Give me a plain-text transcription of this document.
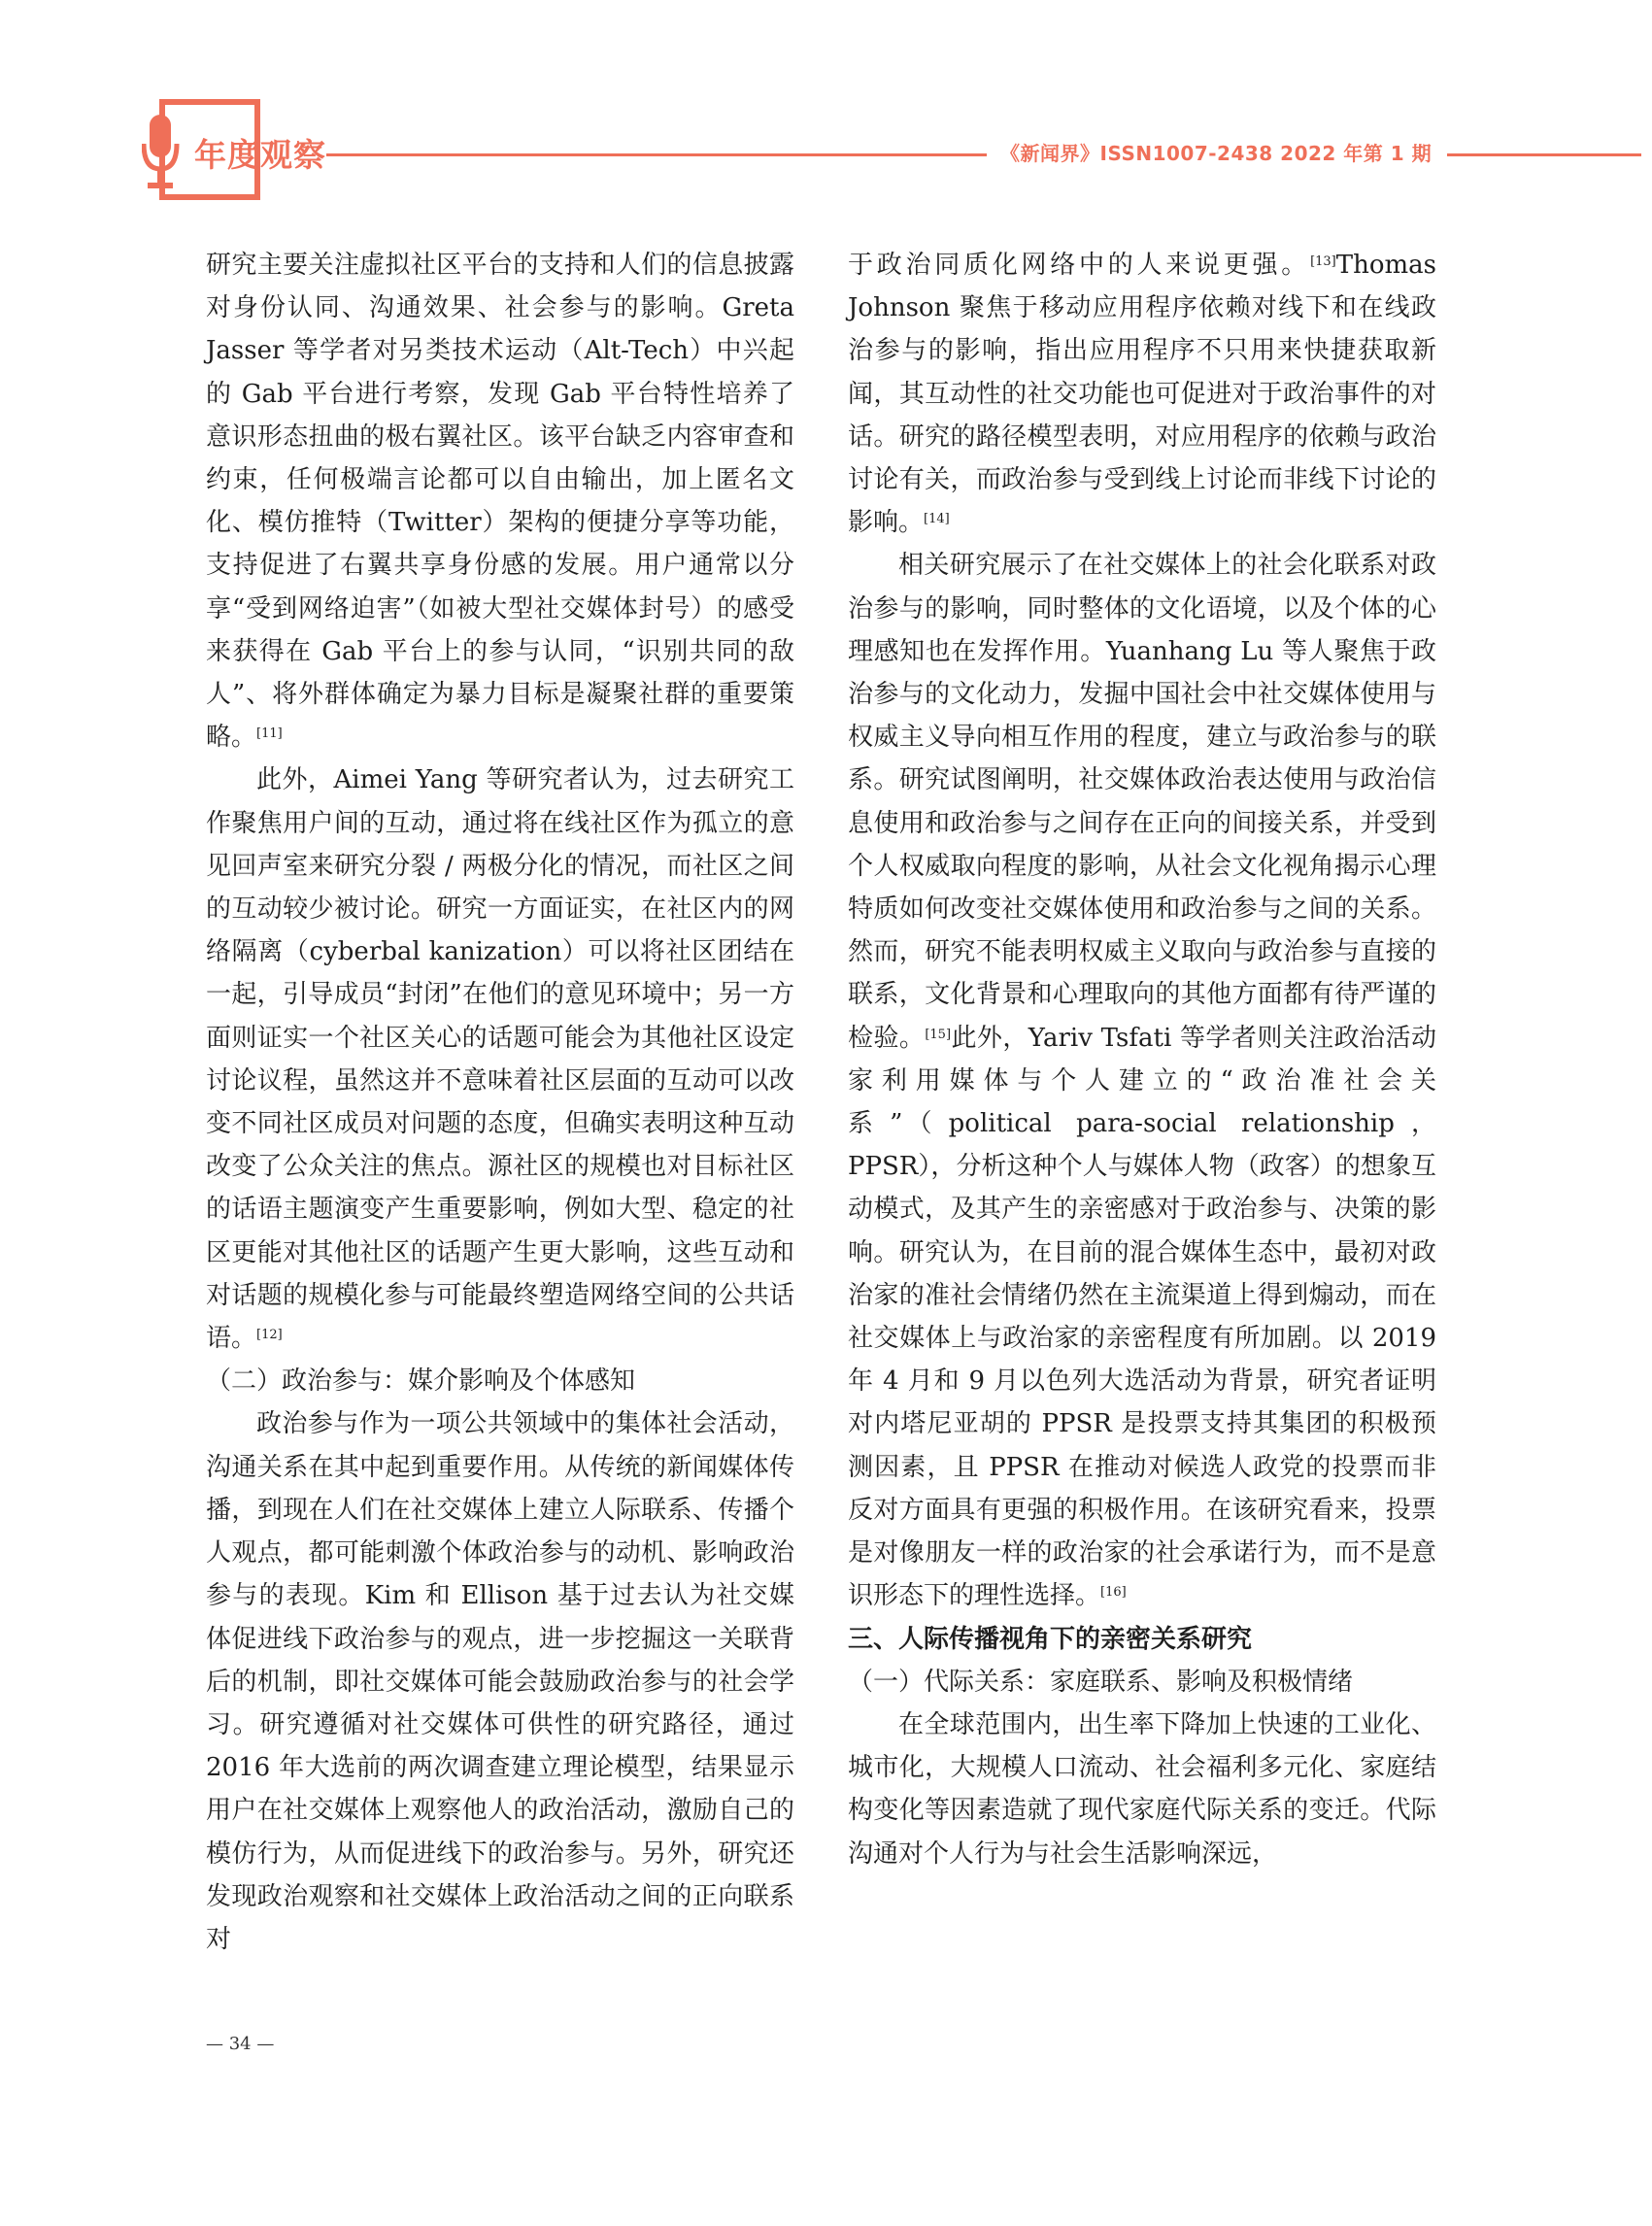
年度观察	《新闻界》ISSN1007-2438 2022 年第 1 期

研究主要关注虚拟社区平台的支持和人们的信息披露对身份认同、沟通效果、社会参与的影响。Greta Jasser 等学者对另类技术运动（Alt-Tech）中兴起的 Gab 平台进行考察，发现 Gab 平台特性培养了意识形态扭曲的极右翼社区。该平台缺乏内容审查和约束，任何极端言论都可以自由输出，加上匿名文化、模仿推特（Twitter）架构的便捷分享等功能，支持促进了右翼共享身份感的发展。用户通常以分享“受到网络迫害”（如被大型社交媒体封号）的感受来获得在 Gab 平台上的参与认同，“识别共同的敌人”、将外群体确定为暴力目标是凝聚社群的重要策略。[11]

此外，Aimei Yang 等研究者认为，过去研究工作聚焦用户间的互动，通过将在线社区作为孤立的意见回声室来研究分裂 / 两极分化的情况，而社区之间的互动较少被讨论。研究一方面证实，在社区内的网络隔离（cyberbal kanization）可以将社区团结在一起，引导成员“封闭”在他们的意见环境中；另一方面则证实一个社区关心的话题可能会为其他社区设定讨论议程，虽然这并不意味着社区层面的互动可以改变不同社区成员对问题的态度，但确实表明这种互动改变了公众关注的焦点。源社区的规模也对目标社区的话语主题演变产生重要影响，例如大型、稳定的社区更能对其他社区的话题产生更大影响，这些互动和对话题的规模化参与可能最终塑造网络空间的公共话语。[12]

（二）政治参与：媒介影响及个体感知

政治参与作为一项公共领域中的集体社会活动，沟通关系在其中起到重要作用。从传统的新闻媒体传播，到现在人们在社交媒体上建立人际联系、传播个人观点，都可能刺激个体政治参与的动机、影响政治参与的表现。Kim 和 Ellison 基于过去认为社交媒体促进线下政治参与的观点，进一步挖掘这一关联背后的机制，即社交媒体可能会鼓励政治参与的社会学习。研究遵循对社交媒体可供性的研究路径，通过 2016 年大选前的两次调查建立理论模型，结果显示用户在社交媒体上观察他人的政治活动，激励自己的模仿行为，从而促进线下的政治参与。另外，研究还发现政治观察和社交媒体上政治活动之间的正向联系对

于政治同质化网络中的人来说更强。[13]Thomas Johnson 聚焦于移动应用程序依赖对线下和在线政治参与的影响，指出应用程序不只用来快捷获取新闻，其互动性的社交功能也可促进对于政治事件的对话。研究的路径模型表明，对应用程序的依赖与政治讨论有关，而政治参与受到线上讨论而非线下讨论的影响。[14]

相关研究展示了在社交媒体上的社会化联系对政治参与的影响，同时整体的文化语境，以及个体的心理感知也在发挥作用。Yuanhang Lu 等人聚焦于政治参与的文化动力，发掘中国社会中社交媒体使用与权威主义导向相互作用的程度，建立与政治参与的联系。研究试图阐明，社交媒体政治表达使用与政治信息使用和政治参与之间存在正向的间接关系，并受到个人权威取向程度的影响，从社会文化视角揭示心理特质如何改变社交媒体使用和政治参与之间的关系。然而，研究不能表明权威主义取向与政治参与直接的联系，文化背景和心理取向的其他方面都有待严谨的检验。[15]此外，Yariv Tsfati 等学者则关注政治活动家利用媒体与个人建立的“政治准社会关系”（political para-social relationship，PPSR），分析这种个人与媒体人物（政客）的想象互动模式，及其产生的亲密感对于政治参与、决策的影响。研究认为，在目前的混合媒体生态中，最初对政治家的准社会情绪仍然在主流渠道上得到煽动，而在社交媒体上与政治家的亲密程度有所加剧。以 2019 年 4 月和 9 月以色列大选活动为背景，研究者证明对内塔尼亚胡的 PPSR 是投票支持其集团的积极预测因素，且 PPSR 在推动对候选人政党的投票而非反对方面具有更强的积极作用。在该研究看来，投票是对像朋友一样的政治家的社会承诺行为，而不是意识形态下的理性选择。[16]

三、人际传播视角下的亲密关系研究

（一）代际关系：家庭联系、影响及积极情绪

在全球范围内，出生率下降加上快速的工业化、城市化，大规模人口流动、社会福利多元化、家庭结构变化等因素造就了现代家庭代际关系的变迁。代际沟通对个人行为与社会生活影响深远，

— 34 —
